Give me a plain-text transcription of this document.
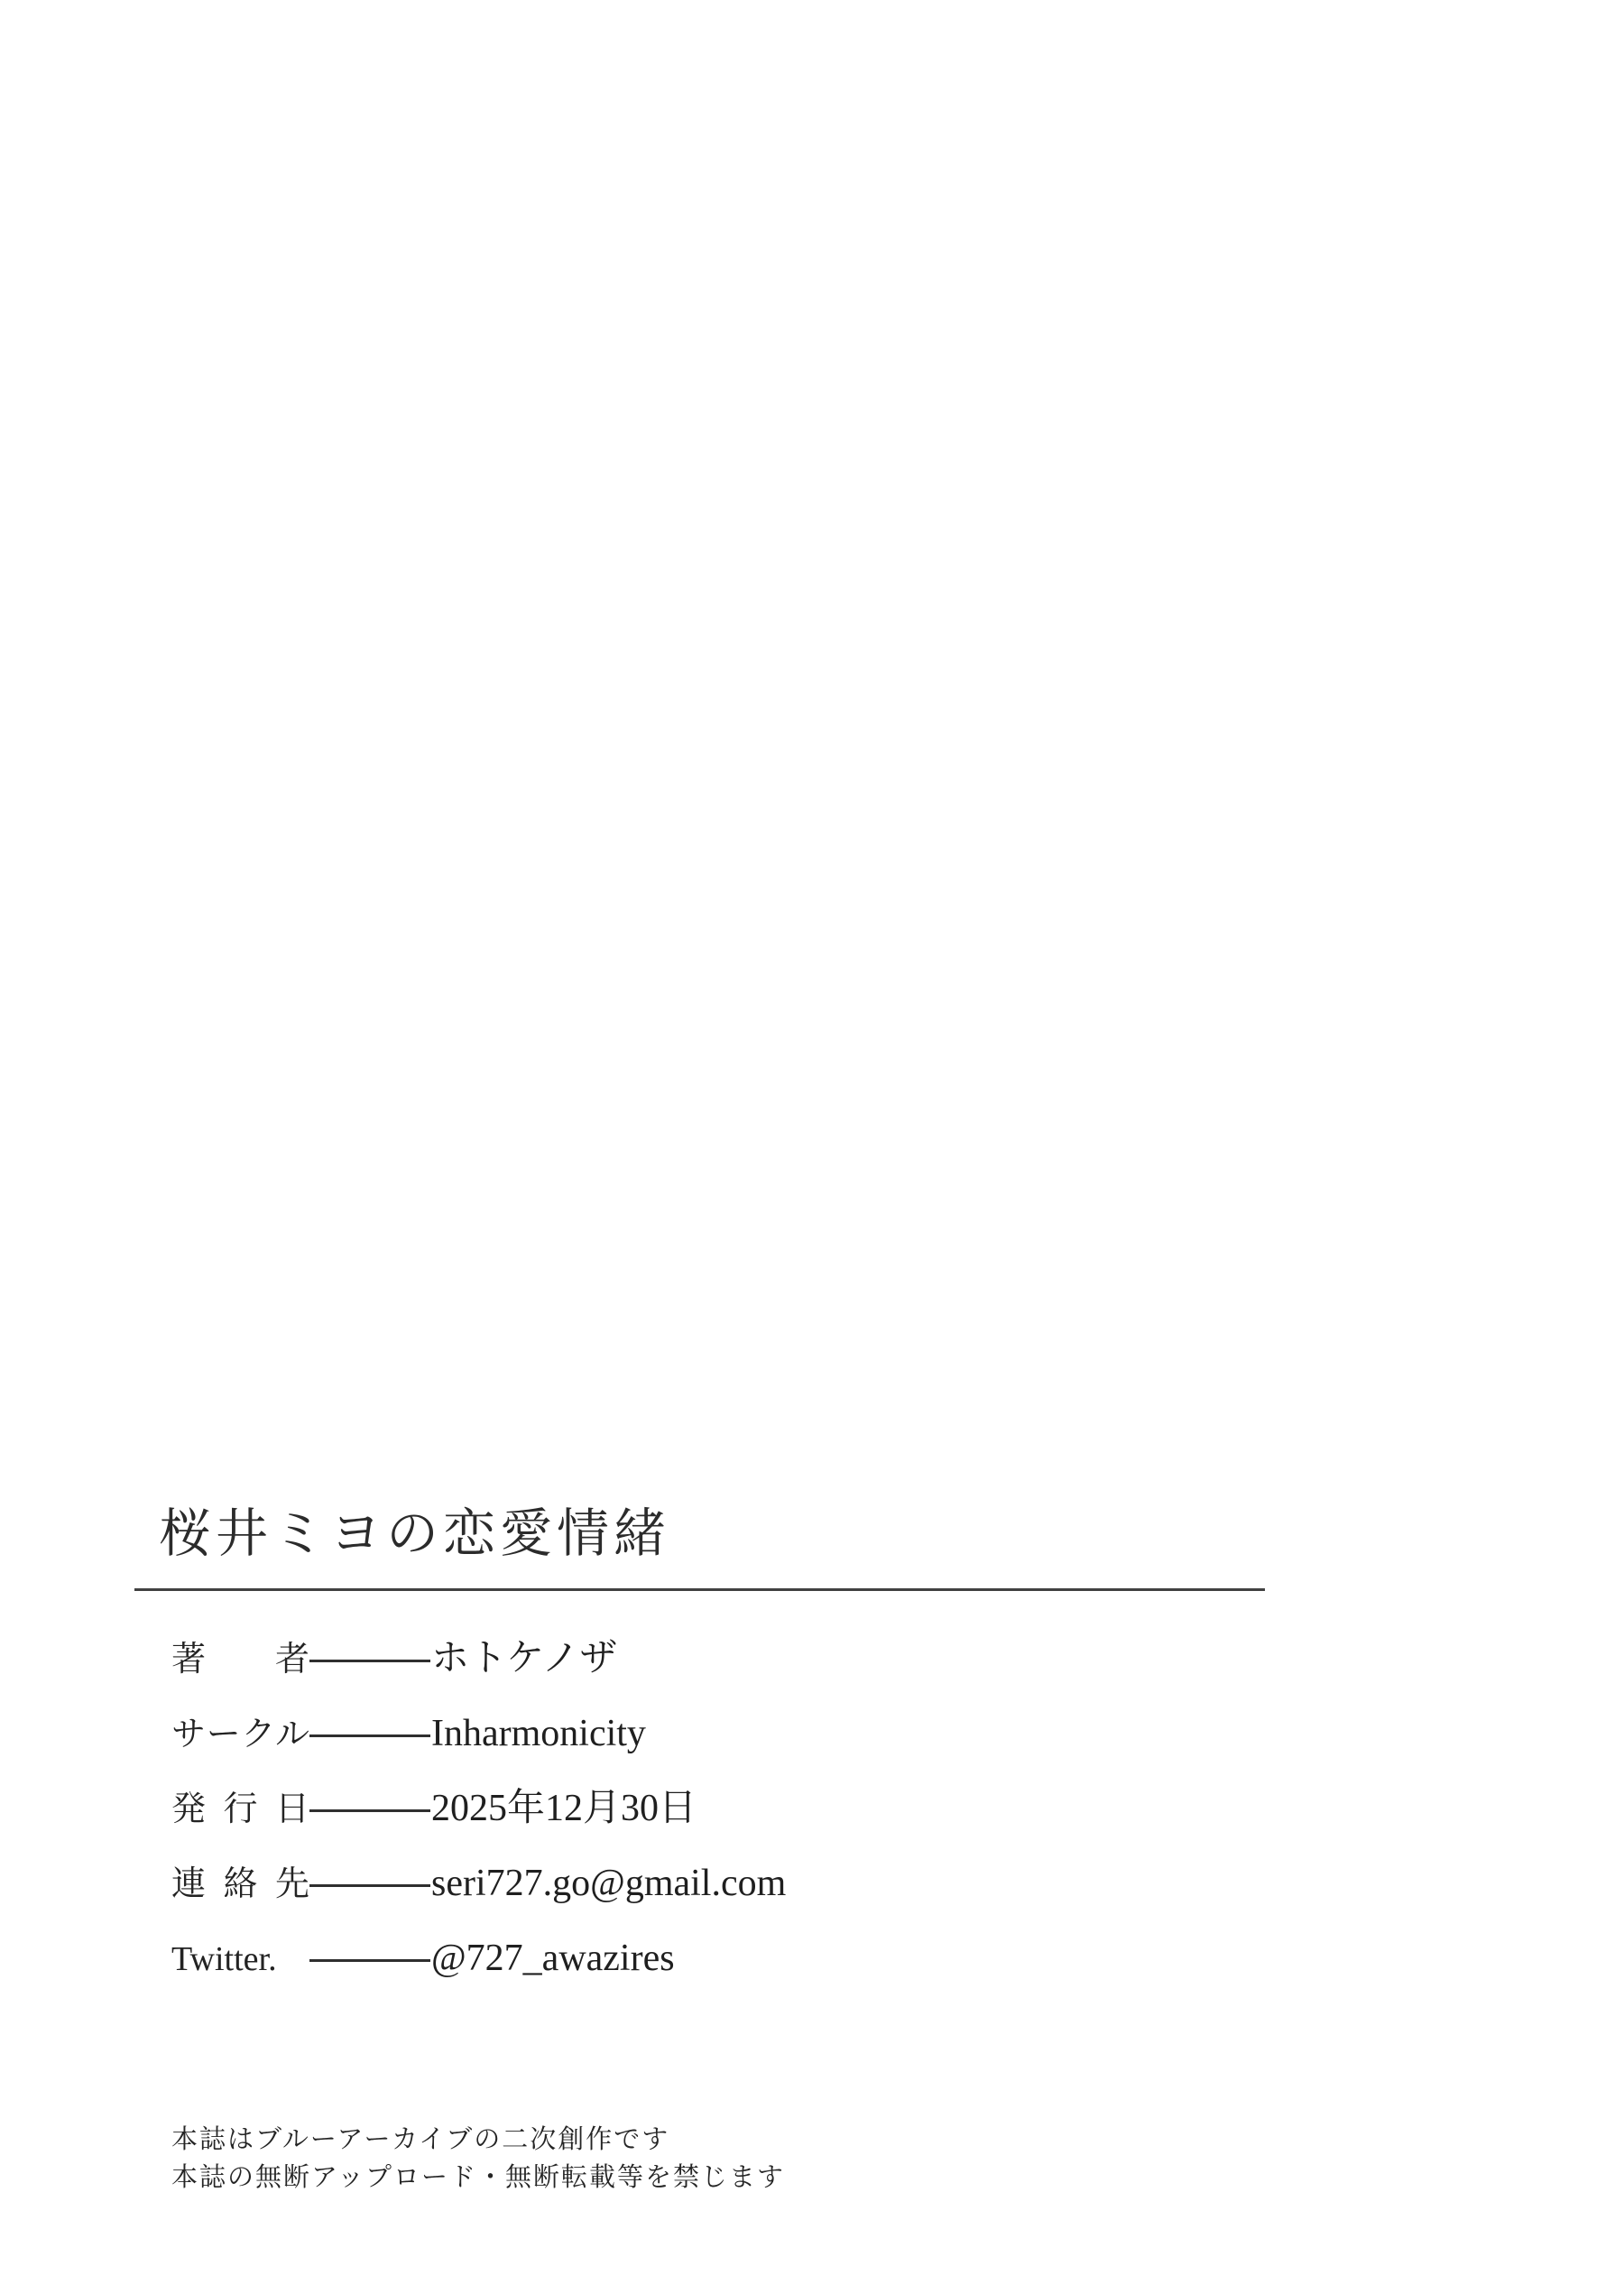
桜井ミヨの恋愛情緒
著　者	ホトケノザ
サークル	Inharmonicity
発行日	2025年12月30日
連絡先	seri727.go@gmail.com
Twitter.	@727_awazires
本誌はブルーアーカイブの二次創作です
本誌の無断アップロード・無断転載等を禁じます
